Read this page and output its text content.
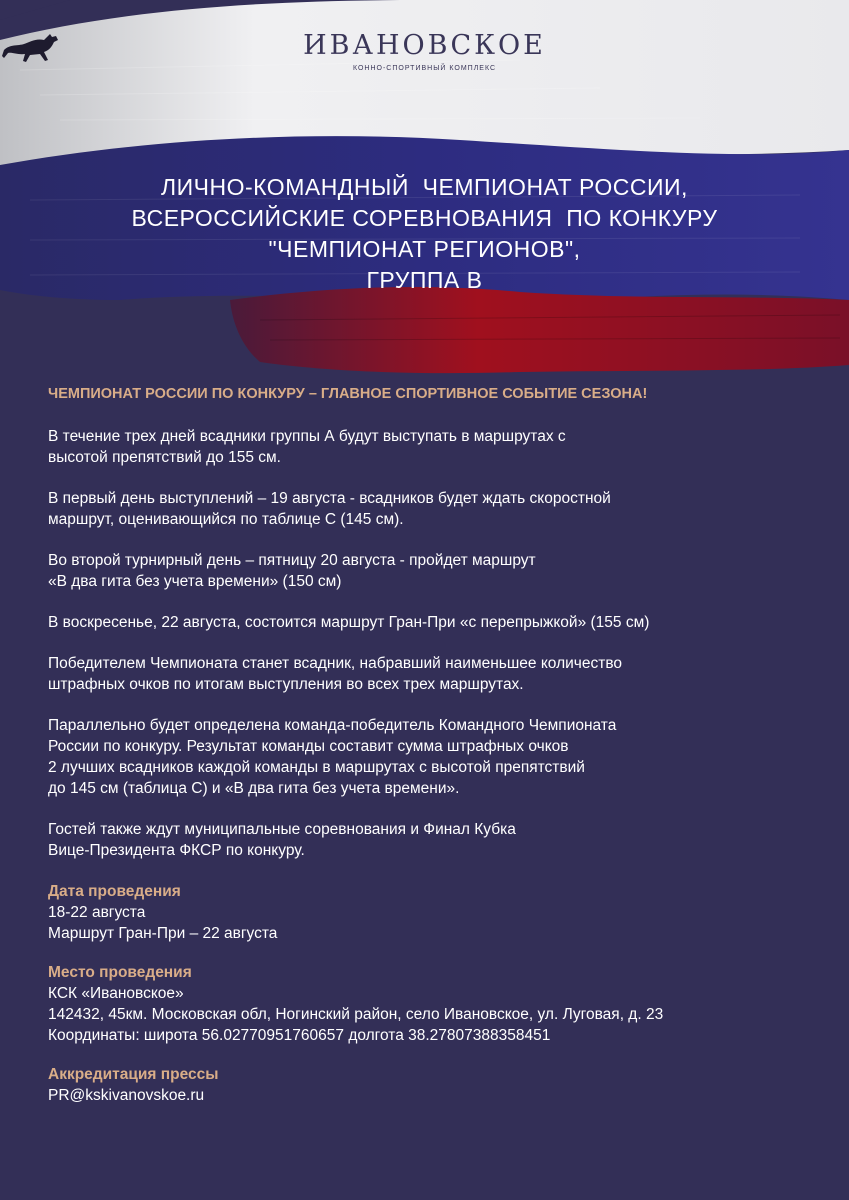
ИВАНОВСКОЕ
КОННО-СПОРТИВНЫЙ КОМПЛЕКС
ЛИЧНО-КОМАНДНЫЙ  ЧЕМПИОНАТ РОССИИ,
ВСЕРОССИЙСКИЕ СОРЕВНОВАНИЯ  ПО КОНКУРУ
"ЧЕМПИОНАТ РЕГИОНОВ",
ГРУППА В
ЧЕМПИОНАТ РОССИИ ПО КОНКУРУ – ГЛАВНОЕ СПОРТИВНОЕ СОБЫТИЕ СЕЗОНА!
В течение трех дней всадники группы А будут выступать в маршрутах с
высотой препятствий до 155 см.
В первый день выступлений – 19 августа - всадников будет ждать скоростной
маршрут, оценивающийся по таблице С (145 см).
Во второй турнирный день – пятницу 20 августа - пройдет маршрут
«В два гита без учета времени» (150 см)
В воскресенье, 22 августа, состоится маршрут Гран-При «с перепрыжкой» (155 см)
Победителем Чемпионата станет всадник, набравший наименьшее количество
штрафных очков по итогам выступления во всех трех маршрутах.
Параллельно будет определена команда-победитель Командного Чемпионата
России по конкуру. Результат команды составит сумма штрафных очков
2 лучших всадников каждой команды в маршрутах с высотой препятствий
до 145 см (таблица С) и «В два гита без учета времени».
Гостей также ждут муниципальные соревнования и Финал Кубка
Вице-Президента ФКСР по конкуру.
Дата проведения
18-22 августа
Маршрут Гран-При – 22 августа
Место проведения
КСК «Ивановское»
142432, 45км. Московская обл, Ногинский район, село Ивановское, ул. Луговая, д. 23
Координаты: широта 56.02770951760657 долгота 38.27807388358451
Аккредитация прессы
PR@kskivanovskoe.ru
